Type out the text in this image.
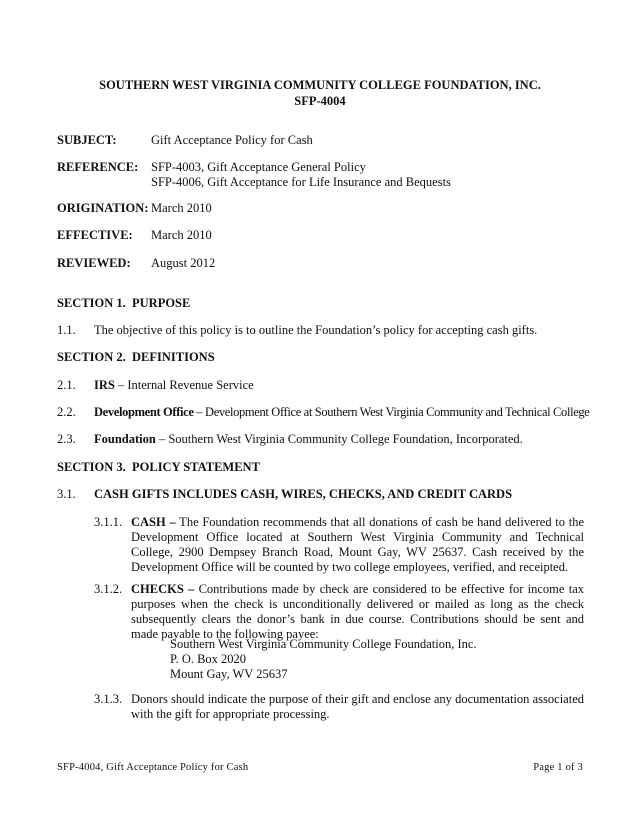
SOUTHERN WEST VIRGINIA COMMUNITY COLLEGE FOUNDATION, INC.
SFP-4004
SUBJECT:	Gift Acceptance Policy for Cash
REFERENCE: SFP-4003, Gift Acceptance General Policy
SFP-4006, Gift Acceptance for Life Insurance and Bequests
ORIGINATION: March 2010
EFFECTIVE: March 2010
REVIEWED: August 2012
SECTION 1. PURPOSE
1.1. The objective of this policy is to outline the Foundation’s policy for accepting cash gifts.
SECTION 2. DEFINITIONS
2.1. IRS – Internal Revenue Service
2.2. Development Office – Development Office at Southern West Virginia Community and Technical College
2.3. Foundation – Southern West Virginia Community College Foundation, Incorporated.
SECTION 3. POLICY STATEMENT
3.1. CASH GIFTS INCLUDES CASH, WIRES, CHECKS, AND CREDIT CARDS
3.1.1. CASH – The Foundation recommends that all donations of cash be hand delivered to the Development Office located at Southern West Virginia Community and Technical College, 2900 Dempsey Branch Road, Mount Gay, WV 25637. Cash received by the Development Office will be counted by two college employees, verified, and receipted.
3.1.2. CHECKS – Contributions made by check are considered to be effective for income tax purposes when the check is unconditionally delivered or mailed as long as the check subsequently clears the donor’s bank in due course. Contributions should be sent and made payable to the following payee:
Southern West Virginia Community College Foundation, Inc.
P. O. Box 2020
Mount Gay, WV 25637
3.1.3. Donors should indicate the purpose of their gift and enclose any documentation associated with the gift for appropriate processing.
SFP-4004, Gift Acceptance Policy for Cash	Page 1 of 3
